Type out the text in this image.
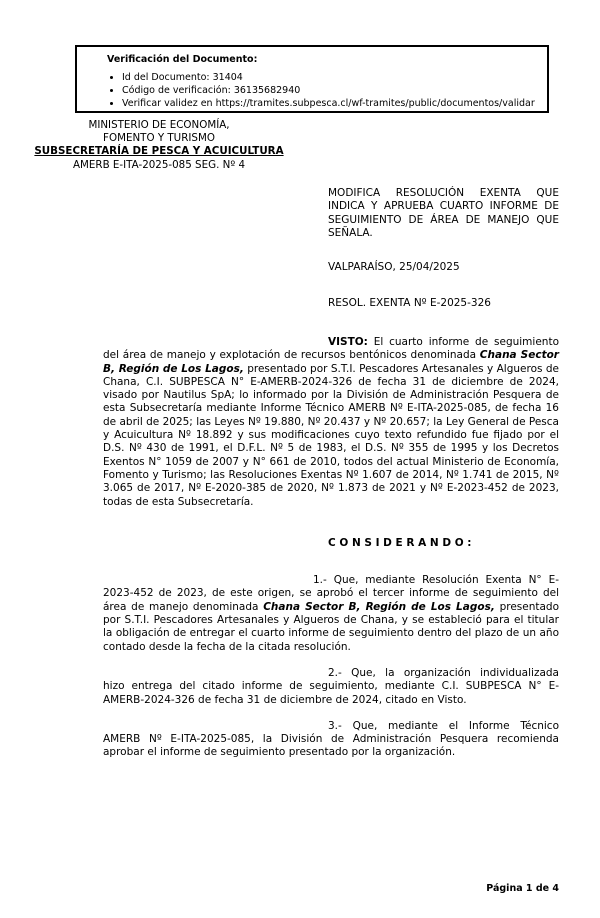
Verificación del Documento:
• Id del Documento: 31404
• Código de verificación: 36135682940
• Verificar validez en https://tramites.subpesca.cl/wf-tramites/public/documentos/validar
MINISTERIO DE ECONOMÍA,
FOMENTO Y TURISMO
SUBSECRETARÍA DE PESCA Y ACUICULTURA
AMERB E-ITA-2025-085 SEG. Nº 4
MODIFICA RESOLUCIÓN EXENTA QUE INDICA Y APRUEBA CUARTO INFORME DE SEGUIMIENTO DE ÁREA DE MANEJO QUE SEÑALA.
VALPARAÍSO, 25/04/2025
RESOL. EXENTA Nº E-2025-326

VISTO: El cuarto informe de seguimiento del área de manejo y explotación de recursos bentónicos denominada Chana Sector B, Región de Los Lagos, presentado por S.T.I. Pescadores Artesanales y Algueros de Chana, C.I. SUBPESCA N° E-AMERB-2024-326 de fecha 31 de diciembre de 2024, visado por Nautilus SpA; lo informado por la División de Administración Pesquera de esta Subsecretaría mediante Informe Técnico AMERB Nº E-ITA-2025-085, de fecha 16 de abril de 2025; las Leyes Nº 19.880, Nº 20.437 y Nº 20.657; la Ley General de Pesca y Acuicultura Nº 18.892 y sus modificaciones cuyo texto refundido fue fijado por el D.S. Nº 430 de 1991, el D.F.L. Nº 5 de 1983, el D.S. Nº 355 de 1995 y los Decretos Exentos N° 1059 de 2007 y N° 661 de 2010, todos del actual Ministerio de Economía, Fomento y Turismo; las Resoluciones Exentas Nº 1.607 de 2014, Nº 1.741 de 2015, Nº 3.065 de 2017, Nº E-2020-385 de 2020, Nº 1.873 de 2021 y Nº E-2023-452 de 2023, todas de esta Subsecretaría.

C O N S I D E R A N D O :

1.- Que, mediante Resolución Exenta N° E-2023-452 de 2023, de este origen, se aprobó el tercer informe de seguimiento del área de manejo denominada Chana Sector B, Región de Los Lagos, presentado por S.T.I. Pescadores Artesanales y Algueros de Chana, y se estableció para el titular la obligación de entregar el cuarto informe de seguimiento dentro del plazo de un año contado desde la fecha de la citada resolución.

2.- Que, la organización individualizada hizo entrega del citado informe de seguimiento, mediante C.I. SUBPESCA N° E-AMERB-2024-326 de fecha 31 de diciembre de 2024, citado en Visto.

3.- Que, mediante el Informe Técnico AMERB Nº E-ITA-2025-085, la División de Administración Pesquera recomienda aprobar el informe de seguimiento presentado por la organización.

Página 1 de 4
